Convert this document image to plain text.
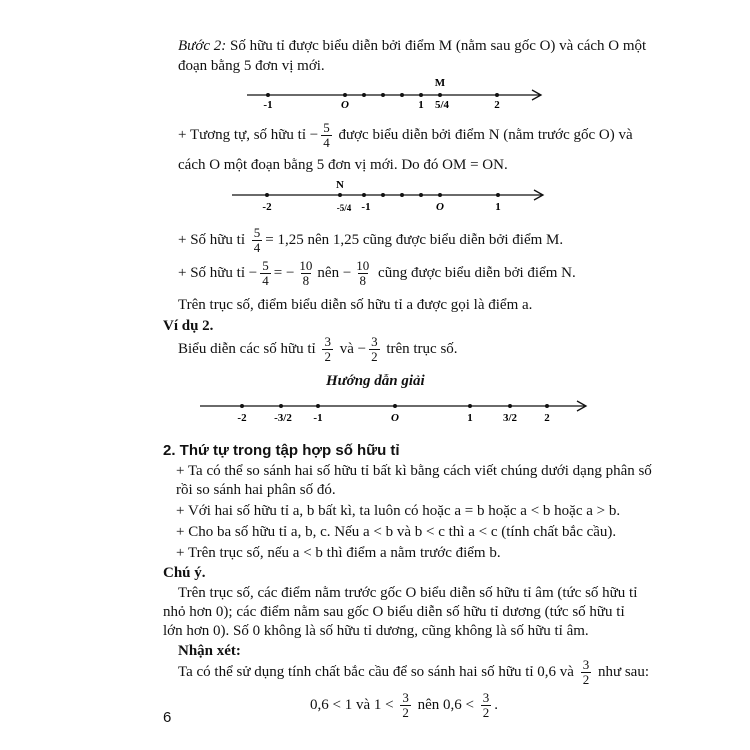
Bước 2: Số hữu tỉ được biểu diễn bởi điểm M (nằm sau gốc O) và cách O một
đoạn bằng 5 đơn vị mới.
M
-1	O	1 5/4	2
+ Tương tự, số hữu tỉ − $\frac{5}{4}$ được biểu diễn bởi điểm N (nằm trước gốc O) và
cách O một đoạn bằng 5 đơn vị mới. Do đó OM = ON.
N
-2	-5/4 -1	O	1
+ Số hữu tỉ $\frac{5}{4} = 1,25$ nên 1,25 cũng được biểu diễn bởi điểm M.
+ Số hữu tỉ − $\frac{5}{4}$ = − $\frac{10}{8}$ nên − $\frac{10}{8}$ cũng được biểu diễn bởi điểm N.
Trên trục số, điểm biểu diễn số hữu tỉ a được gọi là điểm a.
Ví dụ 2.
Biểu diễn các số hữu tỉ $\frac{3}{2}$ và − $\frac{3}{2}$ trên trục số.
Hướng dẫn giải
-2	-3/2 -1	O	1	3/2 2
2. Thứ tự trong tập hợp số hữu tỉ
+ Ta có thể so sánh hai số hữu tỉ bất kì bằng cách viết chúng dưới dạng phân số
rồi so sánh hai phân số đó.
+ Với hai số hữu tỉ a, b bất kì, ta luôn có hoặc a = b hoặc a < b hoặc a > b.
+ Cho ba số hữu tỉ a, b, c. Nếu a < b và b < c thì a < c (tính chất bắc cầu).
+ Trên trục số, nếu a < b thì điểm a nằm trước điểm b.
Chú ý.
Trên trục số, các điểm nằm trước gốc O biểu diễn số hữu tỉ âm (tức số hữu tỉ
nhỏ hơn 0); các điểm nằm sau gốc O biểu diễn số hữu tỉ dương (tức số hữu tỉ
lớn hơn 0). Số 0 không là số hữu tỉ dương, cũng không là số hữu tỉ âm.
Nhận xét:
Ta có thể sử dụng tính chất bắc cầu để so sánh hai số hữu tỉ 0,6 và $\frac{3}{2}$ như sau:
0,6 < 1 và $1 < \frac{3}{2}$ nên $0,6 < \frac{3}{2}$ .
6
